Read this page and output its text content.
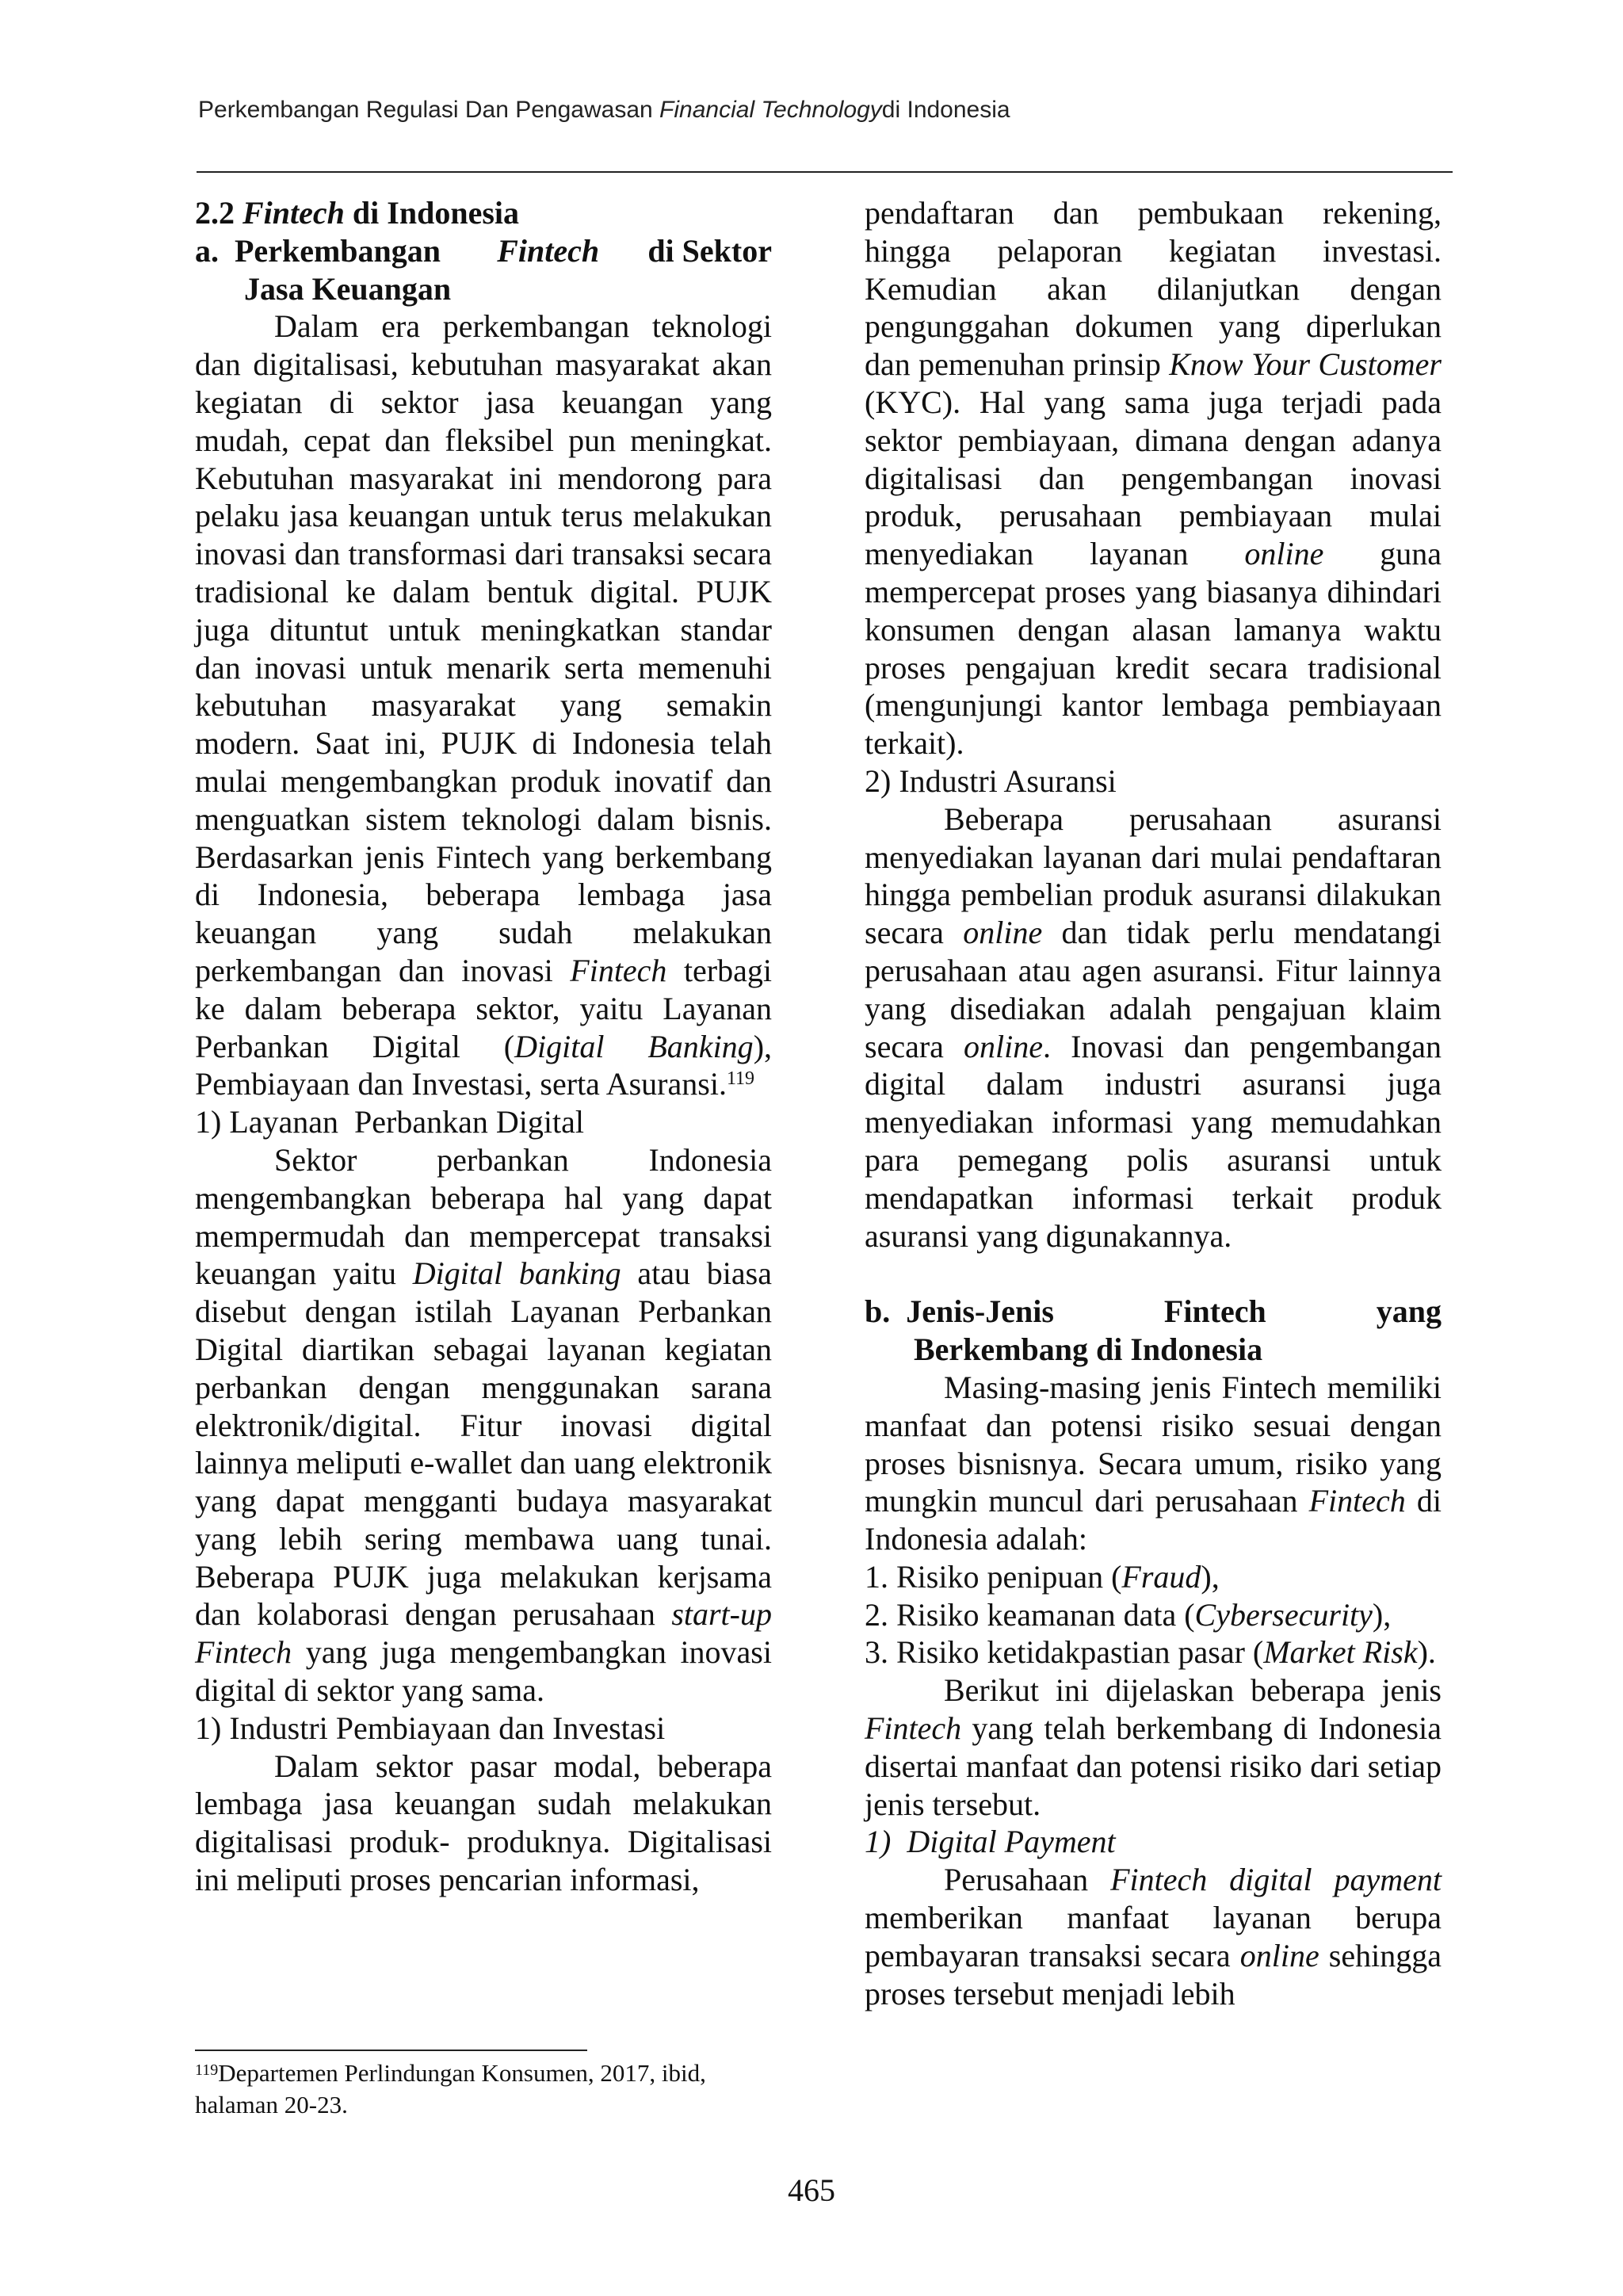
Perkembangan Regulasi Dan Pengawasan Financial Technologydi Indonesia

2.2 Fintech di Indonesia

a.  Perkembangan Fintech di Sektor
Jasa Keuangan

Dalam era perkembangan teknologi dan digitalisasi, kebutuhan masyarakat akan kegiatan di sektor jasa keuangan yang mudah, cepat dan fleksibel pun meningkat. Kebutuhan masyarakat ini mendorong para pelaku jasa keuangan untuk terus melakukan inovasi dan transformasi dari transaksi secara tradisional ke dalam bentuk digital. PUJK juga dituntut untuk meningkatkan standar dan inovasi untuk menarik serta memenuhi kebutuhan masyarakat yang semakin modern. Saat ini, PUJK di Indonesia telah mulai mengembangkan produk inovatif dan menguatkan sistem teknologi dalam bisnis. Berdasarkan jenis Fintech yang berkembang di Indonesia, beberapa lembaga jasa keuangan yang sudah melakukan perkembangan dan inovasi Fintech terbagi ke dalam beberapa sektor, yaitu Layanan Perbankan Digital (Digital Banking), Pembiayaan dan Investasi, serta Asuransi.$^{119}$

1) Layanan  Perbankan Digital

Sektor perbankan Indonesia mengembangkan beberapa hal yang dapat mempermudah dan mempercepat transaksi keuangan yaitu Digital banking atau biasa disebut dengan istilah Layanan Perbankan Digital diartikan sebagai layanan kegiatan perbankan dengan menggunakan sarana elektronik/digital. Fitur inovasi digital lainnya meliputi e-wallet dan uang elektronik yang dapat mengganti budaya masyarakat yang lebih sering membawa uang tunai. Beberapa PUJK juga melakukan kerjsama dan kolaborasi dengan perusahaan start-up Fintech yang juga mengembangkan inovasi digital di sektor yang sama.

1) Industri Pembiayaan dan Investasi

Dalam sektor pasar modal, beberapa lembaga jasa keuangan sudah melakukan digitalisasi produk- produknya. Digitalisasi ini meliputi proses pencarian informasi,

pendaftaran dan pembukaan rekening, hingga pelaporan kegiatan investasi. Kemudian akan dilanjutkan dengan pengunggahan dokumen yang diperlukan dan pemenuhan prinsip Know Your Customer (KYC). Hal yang sama juga terjadi pada sektor pembiayaan, dimana dengan adanya digitalisasi dan pengembangan inovasi produk, perusahaan pembiayaan mulai menyediakan layanan online guna mempercepat proses yang biasanya dihindari konsumen dengan alasan lamanya waktu proses pengajuan kredit secara tradisional (mengunjungi kantor lembaga pembiayaan terkait).

2) Industri Asuransi

Beberapa perusahaan asuransi menyediakan layanan dari mulai pendaftaran hingga pembelian produk asuransi dilakukan secara online dan tidak perlu mendatangi perusahaan atau agen asuransi. Fitur lainnya yang disediakan adalah pengajuan klaim secara online. Inovasi dan pengembangan digital dalam industri asuransi juga menyediakan informasi yang memudahkan para pemegang polis asuransi untuk mendapatkan informasi terkait produk asuransi yang digunakannya.

b.  Jenis-Jenis	Fintech	yang
Berkembang di Indonesia

Masing-masing jenis Fintech memiliki manfaat dan potensi risiko sesuai dengan proses bisnisnya. Secara umum, risiko yang mungkin muncul dari perusahaan Fintech di Indonesia adalah:

1. Risiko penipuan (Fraud),
2. Risiko keamanan data (Cybersecurity),
3. Risiko ketidakpastian pasar (Market Risk).

Berikut ini dijelaskan beberapa jenis Fintech yang telah berkembang di Indonesia disertai manfaat dan potensi risiko dari setiap jenis tersebut.

1)  Digital Payment

Perusahaan Fintech digital payment memberikan manfaat layanan berupa pembayaran transaksi secara online sehingga proses tersebut menjadi lebih

$^{119}$Departemen Perlindungan Konsumen, 2017, ibid, halaman 20-23.
465
